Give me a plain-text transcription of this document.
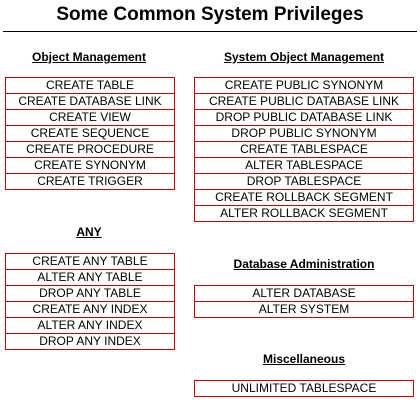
Some Common System Privileges
Object Management
CREATE TABLE
CREATE DATABASE LINK
CREATE VIEW
CREATE SEQUENCE
CREATE PROCEDURE
CREATE SYNONYM
CREATE TRIGGER
System Object Management
CREATE PUBLIC SYNONYM
CREATE PUBLIC DATABASE LINK
DROP PUBLIC DATABASE LINK
DROP PUBLIC SYNONYM
CREATE TABLESPACE
ALTER TABLESPACE
DROP TABLESPACE
CREATE ROLLBACK SEGMENT
ALTER ROLLBACK SEGMENT
ANY
CREATE ANY TABLE
ALTER ANY TABLE
DROP ANY TABLE
CREATE ANY INDEX
ALTER ANY INDEX
DROP ANY INDEX
Database Administration
ALTER DATABASE
ALTER SYSTEM
Miscellaneous
UNLIMITED TABLESPACE
